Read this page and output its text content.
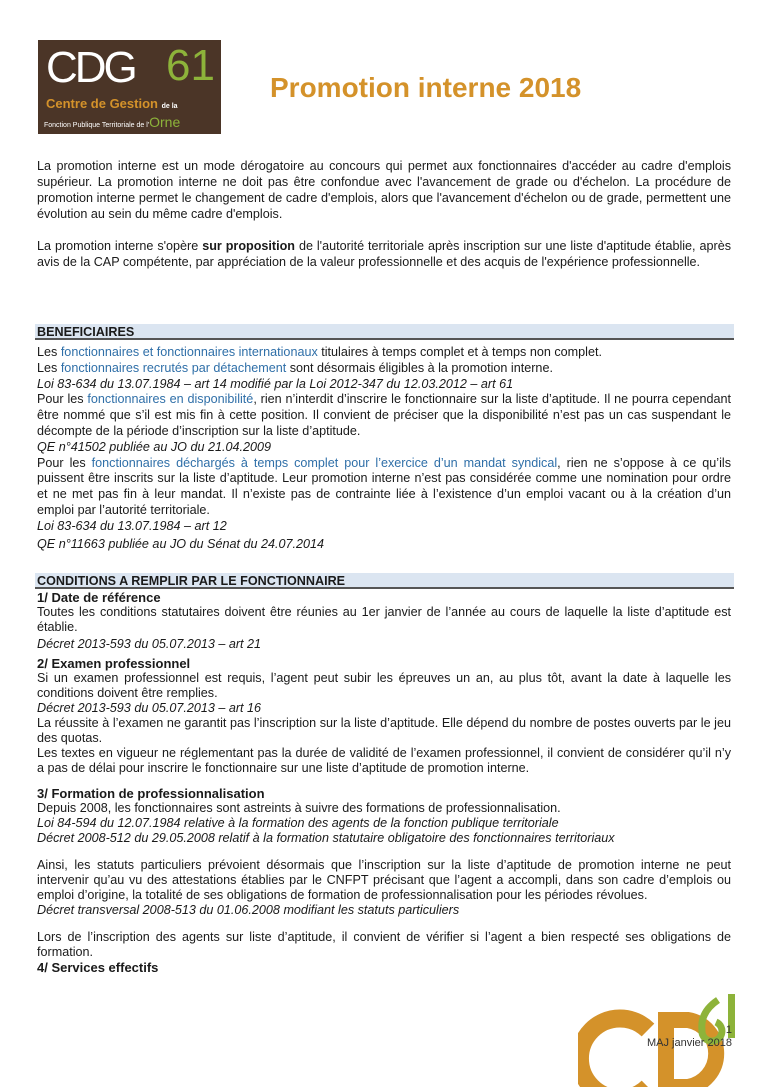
CDG 61
Centre de Gestion de la
Fonction Publique Territoriale de l'Orne
Promotion interne 2018
La promotion interne est un mode dérogatoire au concours qui permet aux fonctionnaires d'accéder au cadre d'emplois supérieur. La promotion interne ne doit pas être confondue avec l'avancement de grade ou d'échelon. La procédure de promotion interne permet le changement de cadre d'emplois, alors que l'avancement d'échelon ou de grade, permettent une évolution au sein du même cadre d'emplois.
La promotion interne s'opère sur proposition de l'autorité territoriale après inscription sur une liste d'aptitude établie, après avis de la CAP compétente, par appréciation de la valeur professionnelle et des acquis de l'expérience professionnelle.
BENEFICIAIRES

Les fonctionnaires et fonctionnaires internationaux titulaires à temps complet et à temps non complet.

Les fonctionnaires recrutés par détachement sont désormais éligibles à la promotion interne.

Loi 83-634 du 13.07.1984 – art 14 modifié par la Loi 2012-347 du 12.03.2012 – art 61

Pour les fonctionnaires en disponibilité, rien n’interdit d’inscrire le fonctionnaire sur la liste d’aptitude. Il ne pourra cependant être nommé que s’il est mis fin à cette position. Il convient de préciser que la disponibilité n’est pas un cas suspendant le décompte de la période d’inscription sur la liste d’aptitude.

QE n°41502 publiée au JO du 21.04.2009

Pour les fonctionnaires déchargés à temps complet pour l’exercice d’un mandat syndical, rien ne s’oppose à ce qu’ils puissent être inscrits sur la liste d’aptitude. Leur promotion interne n’est pas considérée comme une nomination pour ordre et ne met pas fin à leur mandat. Il n’existe pas de contrainte liée à l’existence d’un emploi vacant ou à la création d’un emploi par l’autorité territoriale.

Loi 83-634 du 13.07.1984 – art 12

QE n°11663 publiée au JO du Sénat du 24.07.2014

CONDITIONS A REMPLIR PAR LE FONCTIONNAIRE

1/ Date de référence

Toutes les conditions statutaires doivent être réunies au 1er janvier de l’année au cours de laquelle la liste d’aptitude est établie.

Décret 2013-593 du 05.07.2013 – art 21

2/ Examen professionnel

Si un examen professionnel est requis, l’agent peut subir les épreuves un an, au plus tôt, avant la date à laquelle les conditions doivent être remplies.

Décret 2013-593 du 05.07.2013 – art 16

La réussite à l’examen ne garantit pas l’inscription sur la liste d’aptitude. Elle dépend du nombre de postes ouverts par le jeu des quotas.

Les textes en vigueur ne réglementant pas la durée de validité de l’examen professionnel, il convient de considérer qu’il n’y a pas de délai pour inscrire le fonctionnaire sur une liste d’aptitude de promotion interne.

3/ Formation de professionnalisation

Depuis 2008, les fonctionnaires sont astreints à suivre des formations de professionnalisation.

Loi 84-594 du 12.07.1984 relative à la formation des agents de la fonction publique territoriale

Décret 2008-512 du 29.05.2008 relatif à la formation statutaire obligatoire des fonctionnaires territoriaux

Ainsi, les statuts particuliers prévoient désormais que l’inscription sur la liste d’aptitude de promotion interne ne peut intervenir qu’au vu des attestations établies par le CNFPT précisant que l’agent a accompli, dans son cadre d’emplois ou emploi d’origine, la totalité de ses obligations de formation de professionnalisation pour les périodes révolues.

Décret transversal 2008-513 du 01.06.2008 modifiant les statuts particuliers

Lors de l’inscription des agents sur liste d’aptitude, il convient de vérifier si l’agent a bien respecté ses obligations de formation.

4/ Services effectifs

1
MAJ janvier 2018
